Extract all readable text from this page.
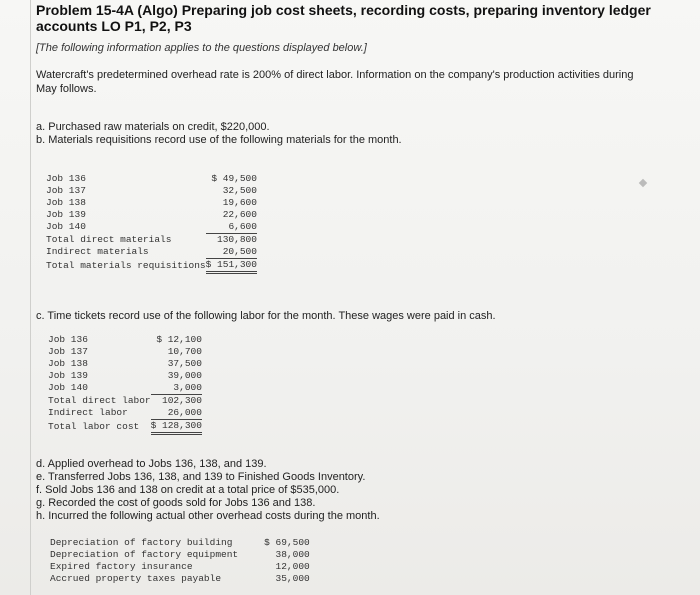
Problem 15-4A (Algo) Preparing job cost sheets, recording costs, preparing inventory ledger accounts LO P1, P2, P3
[The following information applies to the questions displayed below.]
Watercraft's predetermined overhead rate is 200% of direct labor. Information on the company's production activities during May follows.
a. Purchased raw materials on credit, $220,000.
b. Materials requisitions record use of the following materials for the month.
Job 136	$ 49,500
Job 137	32,500
Job 138	19,600
Job 139	22,600
Job 140	6,600
Total direct materials	130,800
Indirect materials	20,500
Total materials requisitions	$ 151,300
c. Time tickets record use of the following labor for the month. These wages were paid in cash.
Job 136	$ 12,100
Job 137	10,700
Job 138	37,500
Job 139	39,000
Job 140	3,000
Total direct labor	102,300
Indirect labor	26,000
Total labor cost	$ 128,300
d. Applied overhead to Jobs 136, 138, and 139.
e. Transferred Jobs 136, 138, and 139 to Finished Goods Inventory.
f. Sold Jobs 136 and 138 on credit at a total price of $535,000.
g. Recorded the cost of goods sold for Jobs 136 and 138.
h. Incurred the following actual other overhead costs during the month.
Depreciation of factory building	$ 69,500
Depreciation of factory equipment	38,000
Expired factory insurance	12,000
Accrued property taxes payable	35,000
